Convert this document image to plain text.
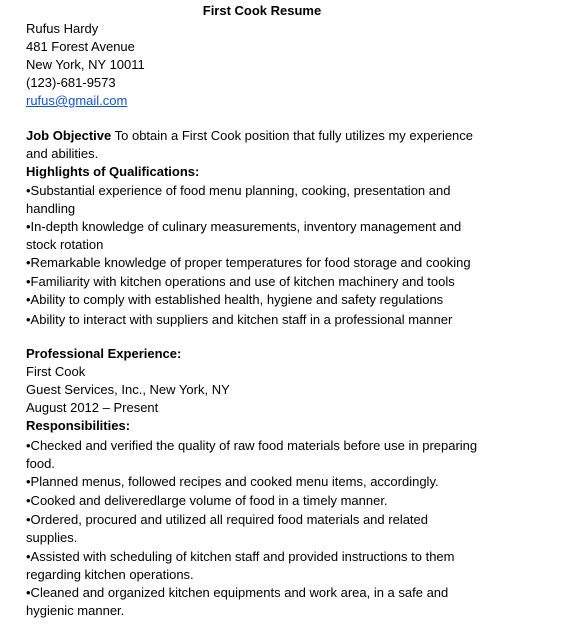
First Cook Resume
Rufus Hardy
481 Forest Avenue
New York, NY 10011
(123)-681-9573
rufus@gmail.com
Job Objective To obtain a First Cook position that fully utilizes my experience
and abilities.
Highlights of Qualifications:
•Substantial experience of food menu planning, cooking, presentation and
handling
•In-depth knowledge of culinary measurements, inventory management and
stock rotation
•Remarkable knowledge of proper temperatures for food storage and cooking
•Familiarity with kitchen operations and use of kitchen machinery and tools
•Ability to comply with established health, hygiene and safety regulations
•Ability to interact with suppliers and kitchen staff in a professional manner
Professional Experience:
First Cook
Guest Services, Inc., New York, NY
August 2012 – Present
Responsibilities:
•Checked and verified the quality of raw food materials before use in preparing
food.
•Planned menus, followed recipes and cooked menu items, accordingly.
•Cooked and deliveredlarge volume of food in a timely manner.
•Ordered, procured and utilized all required food materials and related
supplies.
•Assisted with scheduling of kitchen staff and provided instructions to them
regarding kitchen operations.
•Cleaned and organized kitchen equipments and work area, in a safe and
hygienic manner.
